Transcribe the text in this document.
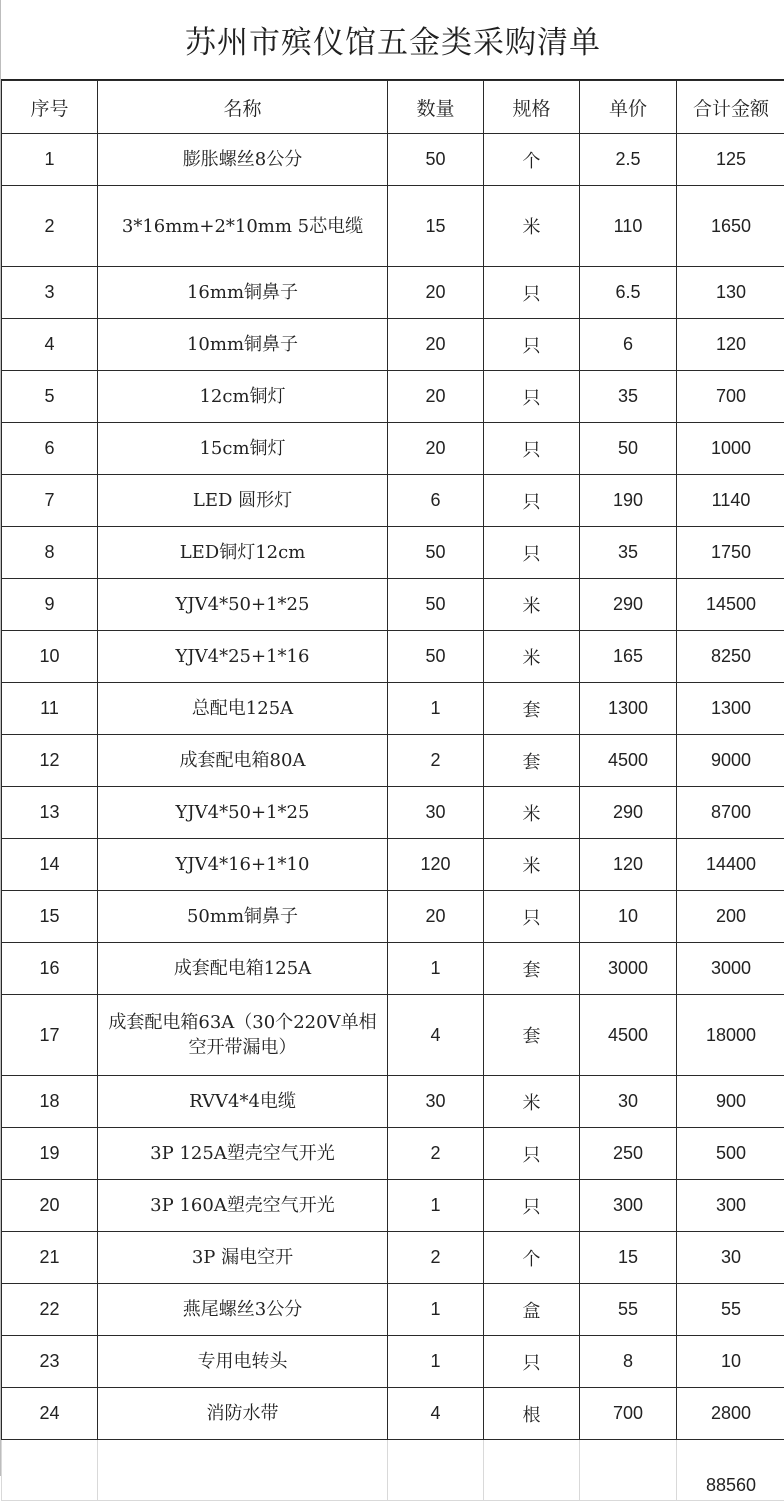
苏州市殡仪馆五金类采购清单
序号	名称	数量	规格	单价	合计金额
1	膨胀螺丝8公分	50	个	2.5	125
2	3*16mm+2*10mm 5芯电缆	15	米	110	1650
3	16mm铜鼻子	20	只	6.5	130
4	10mm铜鼻子	20	只	6	120
5	12cm铜灯	20	只	35	700
6	15cm铜灯	20	只	50	1000
7	LED 圆形灯	6	只	190	1140
8	LED铜灯12cm	50	只	35	1750
9	YJV4*50+1*25	50	米	290	14500
10	YJV4*25+1*16	50	米	165	8250
11	总配电125A	1	套	1300	1300
12	成套配电箱80A	2	套	4500	9000
13	YJV4*50+1*25	30	米	290	8700
14	YJV4*16+1*10	120	米	120	14400
15	50mm铜鼻子	20	只	10	200
16	成套配电箱125A	1	套	3000	3000
17	成套配电箱63A（30个220V单相空开带漏电）	4	套	4500	18000
18	RVV4*4电缆	30	米	30	900
19	3P 125A塑壳空气开光	2	只	250	500
20	3P 160A塑壳空气开光	1	只	300	300
21	3P 漏电空开	2	个	15	30
22	燕尾螺丝3公分	1	盒	55	55
23	专用电转头	1	只	8	10
24	消防水带	4	根	700	2800
					88560
